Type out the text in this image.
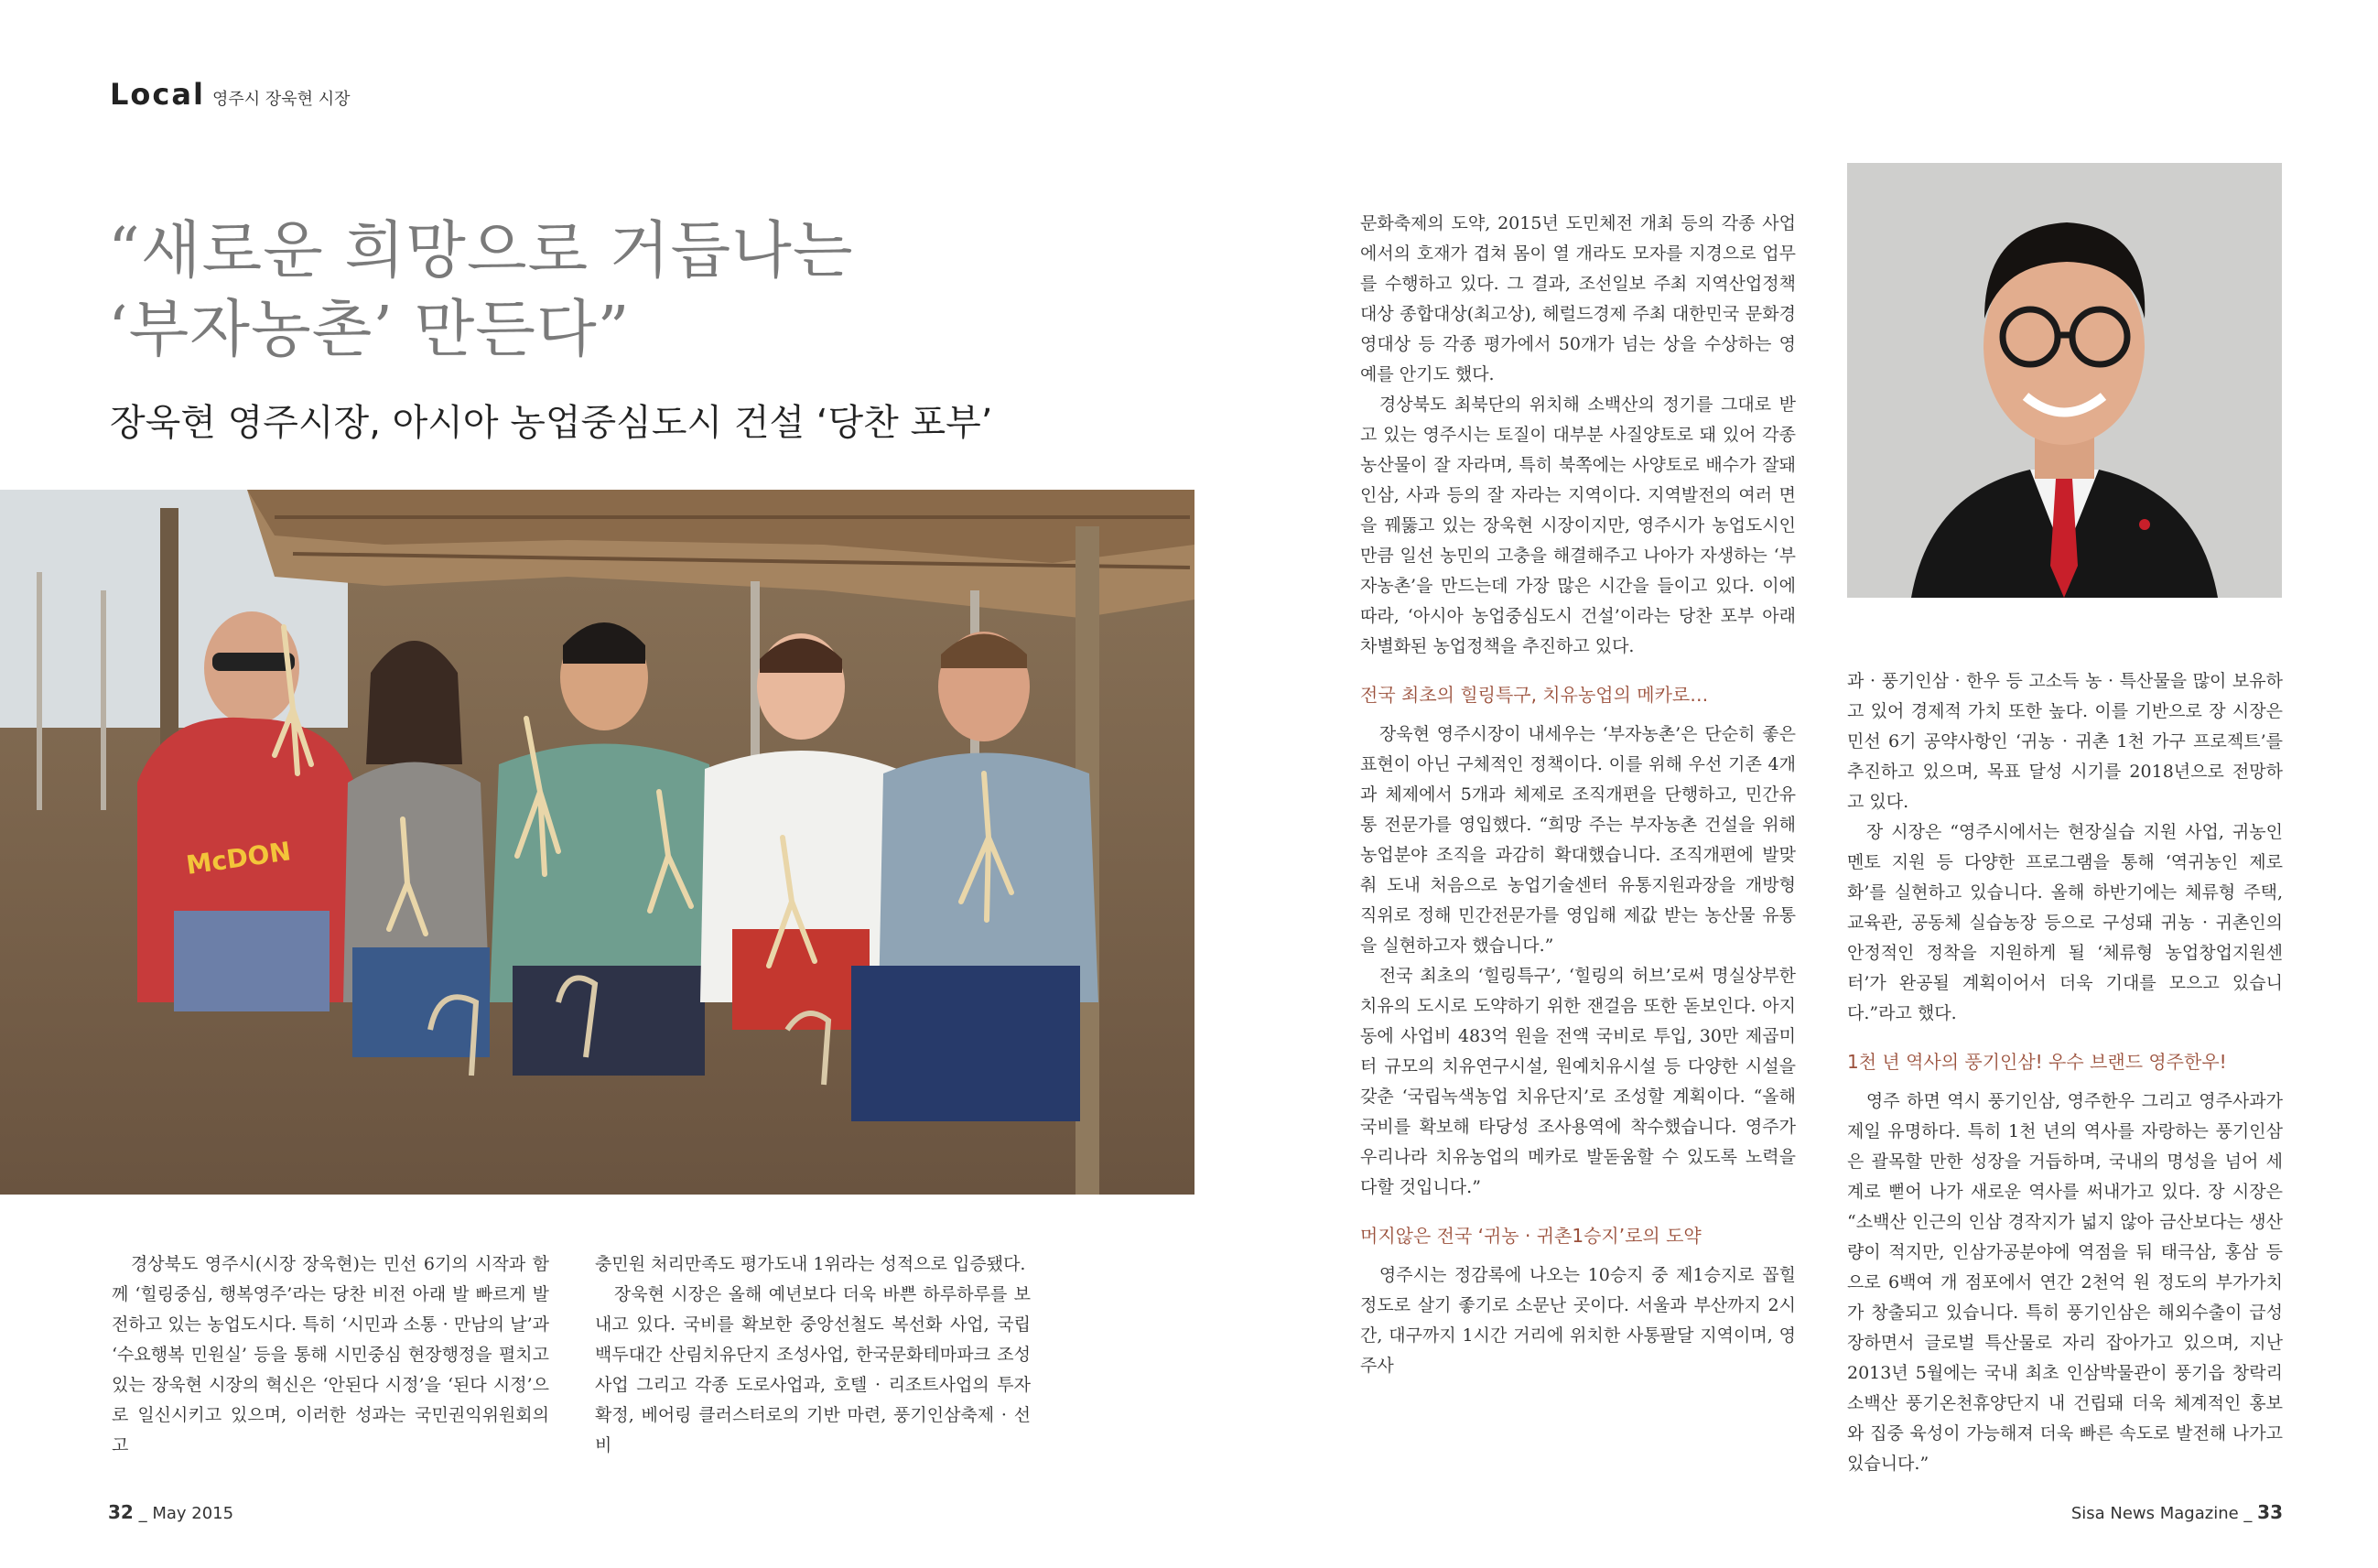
Local 영주시 장욱현 시장
“새로운 희망으로 거듭나는
‘부자농촌’ 만든다”
장욱현 영주시장, 아시아 농업중심도시 건설 ‘당찬 포부’
McDON

경상북도 영주시(시장 장욱현)는 민선 6기의 시작과 함께 ‘힐링중심, 행복영주’라는 당찬 비전 아래 발 빠르게 발전하고 있는 농업도시다. 특히 ‘시민과 소통 · 만남의 날’과 ‘수요행복 민원실’ 등을 통해 시민중심 현장행정을 펼치고 있는 장욱현 시장의 혁신은 ‘안된다 시정’을 ‘된다 시정’으로 일신시키고 있으며, 이러한 성과는 국민권익위원회의 고

충민원 처리만족도 평가도내 1위라는 성적으로 입증됐다.

장욱현 시장은 올해 예년보다 더욱 바쁜 하루하루를 보내고 있다. 국비를 확보한 중앙선철도 복선화 사업, 국립백두대간 산림치유단지 조성사업, 한국문화테마파크 조성사업 그리고 각종 도로사업과, 호텔 · 리조트사업의 투자 확정, 베어링 클러스터로의 기반 마련, 풍기인삼축제 · 선비

문화축제의 도약, 2015년 도민체전 개최 등의 각종 사업에서의 호재가 겹쳐 몸이 열 개라도 모자를 지경으로 업무를 수행하고 있다. 그 결과, 조선일보 주최 지역산업정책대상 종합대상(최고상), 헤럴드경제 주최 대한민국 문화경영대상 등 각종 평가에서 50개가 넘는 상을 수상하는 영예를 안기도 했다.

경상북도 최북단의 위치해 소백산의 정기를 그대로 받고 있는 영주시는 토질이 대부분 사질양토로 돼 있어 각종 농산물이 잘 자라며, 특히 북쪽에는 사양토로 배수가 잘돼 인삼, 사과 등의 잘 자라는 지역이다. 지역발전의 여러 면을 꿰뚫고 있는 장욱현 시장이지만, 영주시가 농업도시인 만큼 일선 농민의 고충을 해결해주고 나아가 자생하는 ‘부자농촌’을 만드는데 가장 많은 시간을 들이고 있다. 이에 따라, ‘아시아 농업중심도시 건설’이라는 당찬 포부 아래 차별화된 농업정책을 추진하고 있다.

전국 최초의 힐링특구, 치유농업의 메카로…

장욱현 영주시장이 내세우는 ‘부자농촌’은 단순히 좋은 표현이 아닌 구체적인 정책이다. 이를 위해 우선 기존 4개과 체제에서 5개과 체제로 조직개편을 단행하고, 민간유통 전문가를 영입했다. “희망 주는 부자농촌 건설을 위해 농업분야 조직을 과감히 확대했습니다. 조직개편에 발맞춰 도내 처음으로 농업기술센터 유통지원과장을 개방형 직위로 정해 민간전문가를 영입해 제값 받는 농산물 유통을 실현하고자 했습니다.”

전국 최초의 ‘힐링특구’, ‘힐링의 허브’로써 명실상부한 치유의 도시로 도약하기 위한 잰걸음 또한 돋보인다. 아지동에 사업비 483억 원을 전액 국비로 투입, 30만 제곱미터 규모의 치유연구시설, 원예치유시설 등 다양한 시설을 갖춘 ‘국립녹색농업 치유단지’로 조성할 계획이다. “올해 국비를 확보해 타당성 조사용역에 착수했습니다. 영주가 우리나라 치유농업의 메카로 발돋움할 수 있도록 노력을 다할 것입니다.”

머지않은 전국 ‘귀농 · 귀촌1승지’로의 도약

영주시는 정감록에 나오는 10승지 중 제1승지로 꼽힐 정도로 살기 좋기로 소문난 곳이다. 서울과 부산까지 2시간, 대구까지 1시간 거리에 위치한 사통팔달 지역이며, 영주사

과 · 풍기인삼 · 한우 등 고소득 농 · 특산물을 많이 보유하고 있어 경제적 가치 또한 높다. 이를 기반으로 장 시장은 민선 6기 공약사항인 ‘귀농 · 귀촌 1천 가구 프로젝트’를 추진하고 있으며, 목표 달성 시기를 2018년으로 전망하고 있다.

장 시장은 “영주시에서는 현장실습 지원 사업, 귀농인 멘토 지원 등 다양한 프로그램을 통해 ‘역귀농인 제로화’를 실현하고 있습니다. 올해 하반기에는 체류형 주택, 교육관, 공동체 실습농장 등으로 구성돼 귀농 · 귀촌인의 안정적인 정착을 지원하게 될 ‘체류형 농업창업지원센터’가 완공될 계획이어서 더욱 기대를 모으고 있습니다.”라고 했다.

1천 년 역사의 풍기인삼! 우수 브랜드 영주한우!

영주 하면 역시 풍기인삼, 영주한우 그리고 영주사과가 제일 유명하다. 특히 1천 년의 역사를 자랑하는 풍기인삼은 괄목할 만한 성장을 거듭하며, 국내의 명성을 넘어 세계로 뻗어 나가 새로운 역사를 써내가고 있다. 장 시장은 “소백산 인근의 인삼 경작지가 넓지 않아 금산보다는 생산량이 적지만, 인삼가공분야에 역점을 둬 태극삼, 홍삼 등으로 6백여 개 점포에서 연간 2천억 원 정도의 부가가치가 창출되고 있습니다. 특히 풍기인삼은 해외수출이 급성장하면서 글로벌 특산물로 자리 잡아가고 있으며, 지난 2013년 5월에는 국내 최초 인삼박물관이 풍기읍 창락리 소백산 풍기온천휴양단지 내 건립돼 더욱 체계적인 홍보와 집중 육성이 가능해져 더욱 빠른 속도로 발전해 나가고 있습니다.”

32 _ May 2015	Sisa News Magazine _ 33
